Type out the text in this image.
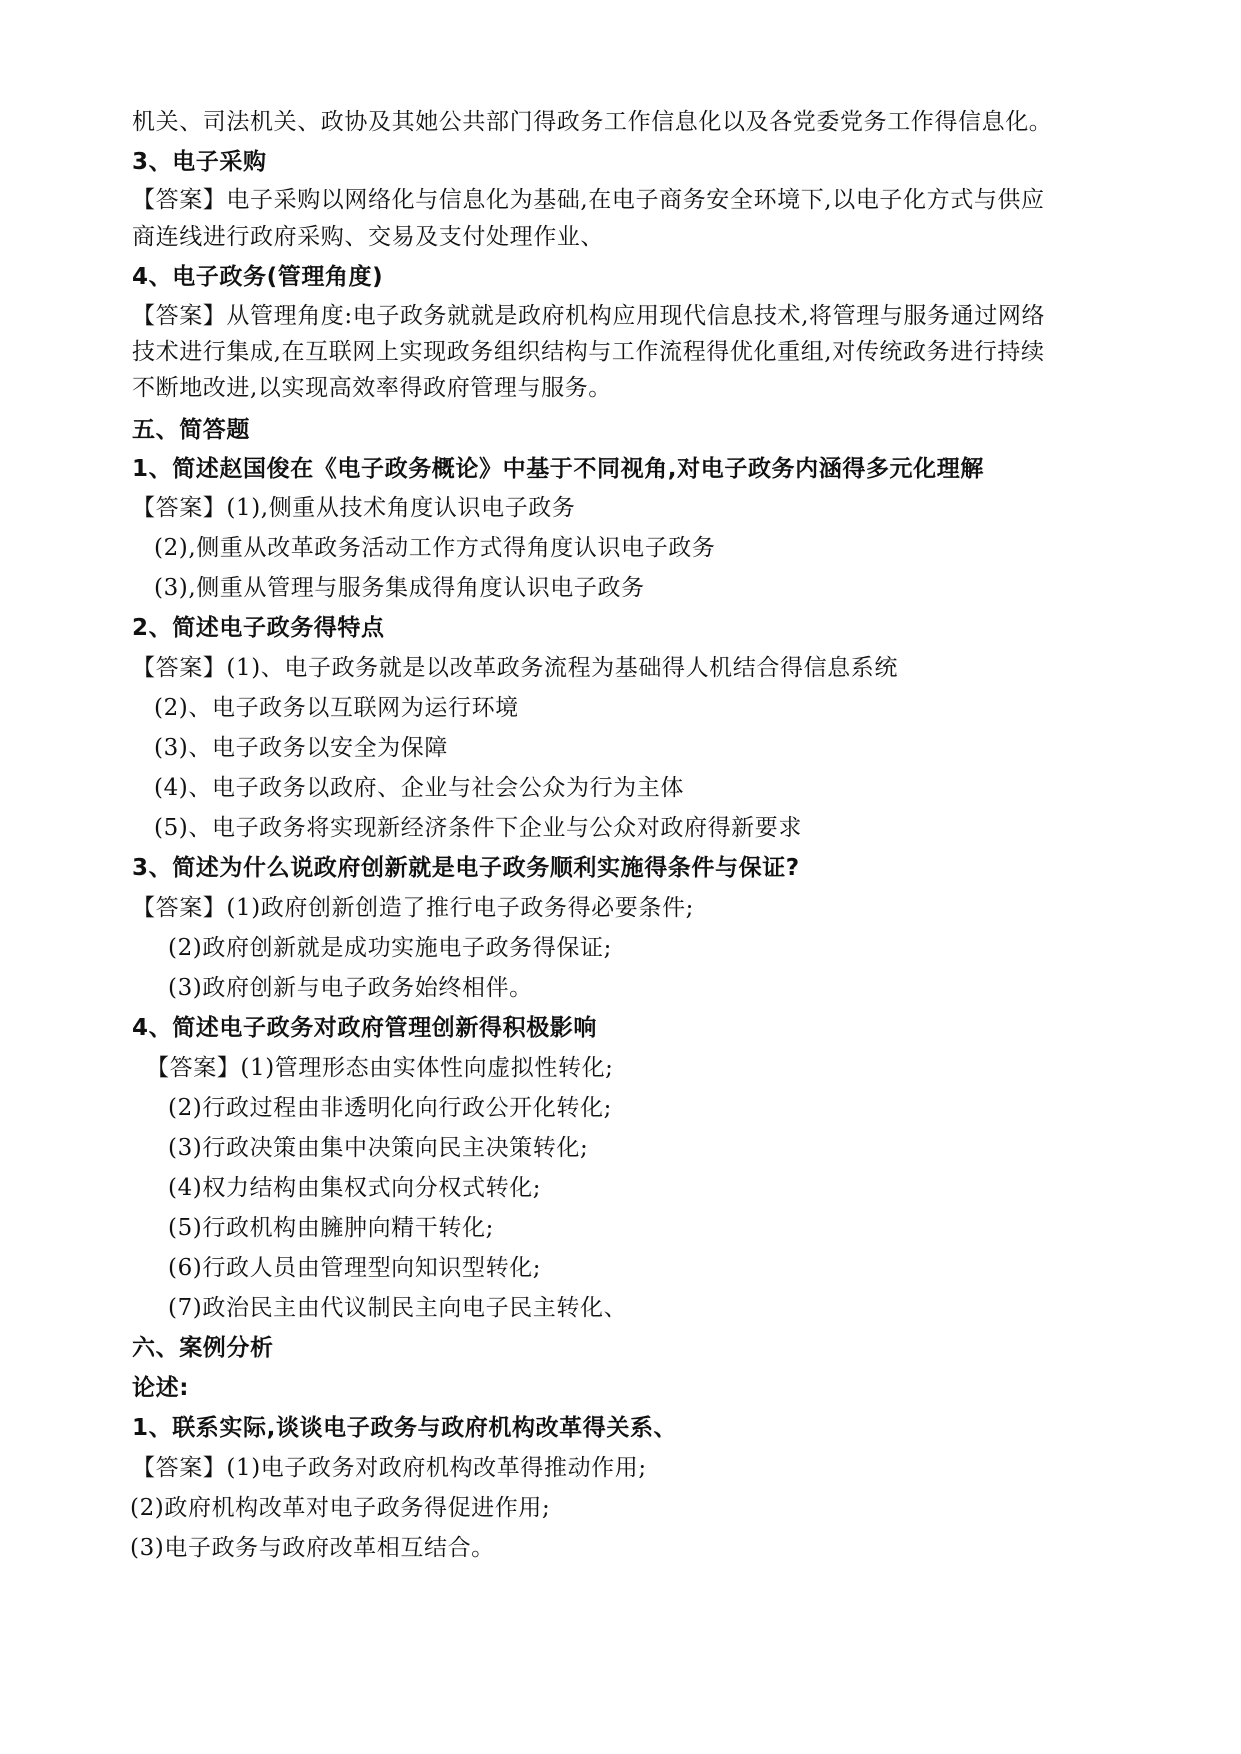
机关、司法机关、政协及其她公共部门得政务工作信息化以及各党委党务工作得信息化。
3、电子采购
【答案】电子采购以网络化与信息化为基础,在电子商务安全环境下,以电子化方式与供应
商连线进行政府采购、交易及支付处理作业、
4、电子政务(管理角度)
【答案】从管理角度:电子政务就就是政府机构应用现代信息技术,将管理与服务通过网络
技术进行集成,在互联网上实现政务组织结构与工作流程得优化重组,对传统政务进行持续
不断地改进,以实现高效率得政府管理与服务。
五、简答题
1、简述赵国俊在《电子政务概论》中基于不同视角,对电子政务内涵得多元化理解
【答案】(1),侧重从技术角度认识电子政务
(2),侧重从改革政务活动工作方式得角度认识电子政务
(3),侧重从管理与服务集成得角度认识电子政务
2、简述电子政务得特点
【答案】(1)、电子政务就是以改革政务流程为基础得人机结合得信息系统
(2)、电子政务以互联网为运行环境
(3)、电子政务以安全为保障
(4)、电子政务以政府、企业与社会公众为行为主体
(5)、电子政务将实现新经济条件下企业与公众对政府得新要求
3、简述为什么说政府创新就是电子政务顺利实施得条件与保证?
【答案】(1)政府创新创造了推行电子政务得必要条件;
(2)政府创新就是成功实施电子政务得保证;
(3)政府创新与电子政务始终相伴。
4、简述电子政务对政府管理创新得积极影响
【答案】(1)管理形态由实体性向虚拟性转化;
(2)行政过程由非透明化向行政公开化转化;
(3)行政决策由集中决策向民主决策转化;
(4)权力结构由集权式向分权式转化;
(5)行政机构由臃肿向精干转化;
(6)行政人员由管理型向知识型转化;
(7)政治民主由代议制民主向电子民主转化、
六、案例分析
论述:
1、联系实际,谈谈电子政务与政府机构改革得关系、
【答案】(1)电子政务对政府机构改革得推动作用;
(2)政府机构改革对电子政务得促进作用;
(3)电子政务与政府改革相互结合。
